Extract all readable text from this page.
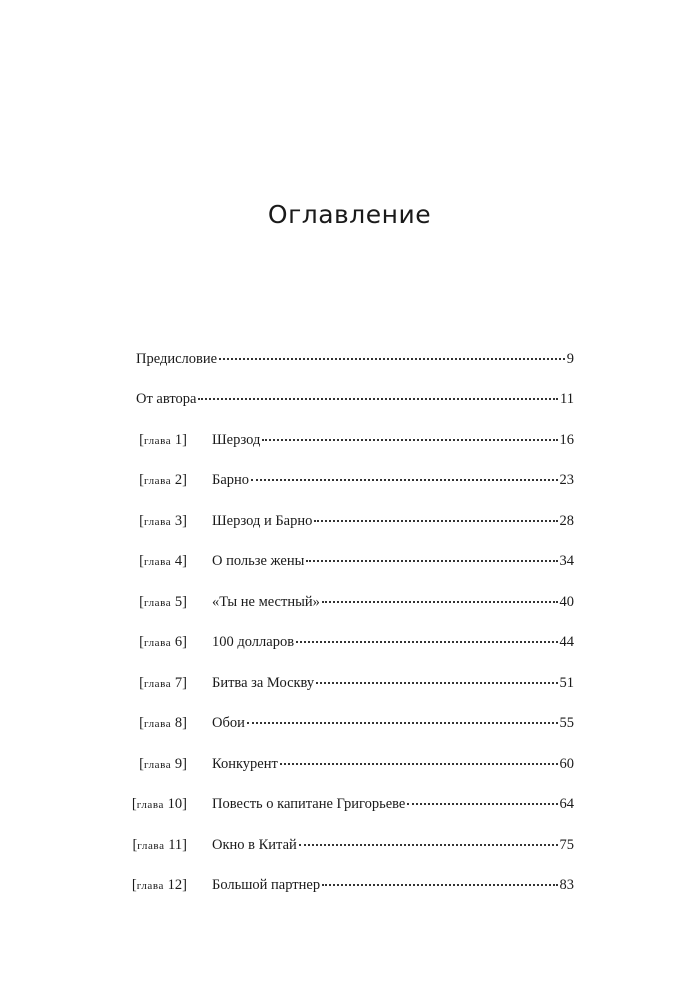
Оглавление
Предисловие	9
От автора	11
[глава 1] Шерзод	16
[глава 2] Барно	23
[глава 3] Шерзод и Барно	28
[глава 4] О пользе жены	34
[глава 5] «Ты не местный»	40
[глава 6] 100 долларов	44
[глава 7] Битва за Москву	51
[глава 8] Обои	55
[глава 9] Конкурент	60
[глава 10] Повесть о капитане Григорьеве	64
[глава 11] Окно в Китай	75
[глава 12] Большой партнер	83
